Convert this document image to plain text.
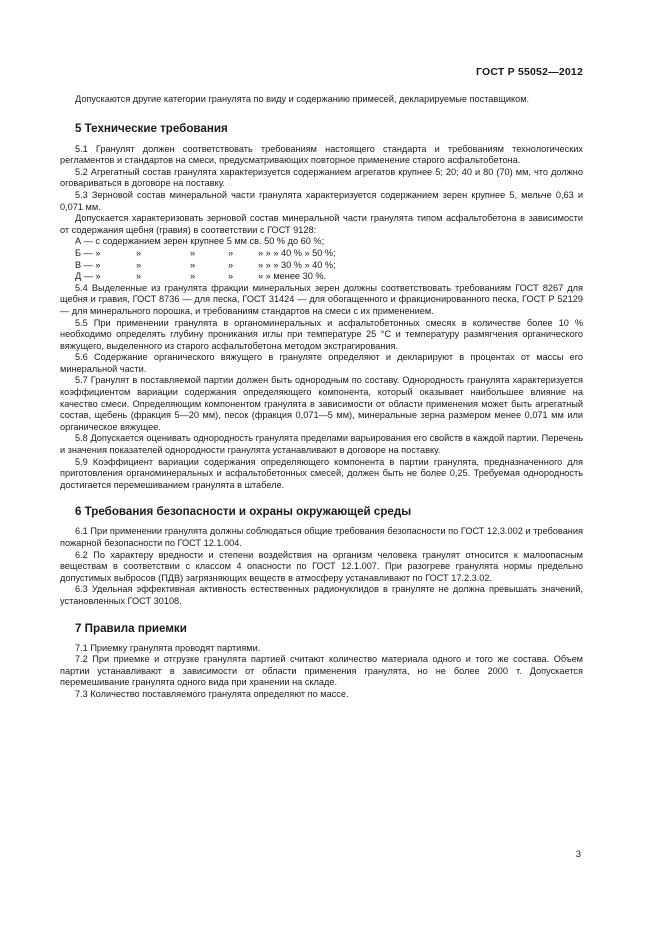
ГОСТ Р 55052—2012

Допускаются другие категории гранулята по виду и содержанию примесей, декларируемые поставщиком.

5 Технические требования

5.1 Гранулят должен соответствовать требованиям настоящего стандарта и требованиям технологических регламентов и стандартов на смеси, предусматривающих повторное применение старого асфальтобетона.

5.2 Агрегатный состав гранулята характеризуется содержанием агрегатов крупнее 5; 20; 40 и 80 (70) мм, что должно оговариваться в договоре на поставку.

5.3 Зерновой состав минеральной части гранулята характеризуется содержанием зерен крупнее 5, мельче 0,63 и 0,071 мм.

Допускается характеризовать зерновой состав минеральной части гранулята типом асфальтобетона в зависимости от содержания щебня (гравия) в соответствии с ГОСТ 9128:

А — с содержанием зерен крупнее 5 мм св. 50 % до 60 %;
Б — »	»	»	»	» » » 40 % » 50 %;
В — »	»	»	»	» » » 30 % » 40 %;
Д — »	»	»	»	» » менее 30 %.

5.4 Выделенные из гранулята фракции минеральных зерен должны соответствовать требованиям ГОСТ 8267 для щебня и гравия, ГОСТ 8736 — для песка, ГОСТ 31424 — для обогащенного и фракционированного песка, ГОСТ Р 52129 — для минерального порошка, и требованиям стандартов на смеси с их применением.

5.5 При применении гранулята в органоминеральных и асфальтобетонных смесях в количестве более 10 % необходимо определять глубину проникания иглы при температуре 25 °С и температуру размягчения органического вяжущего, выделенного из старого асфальтобетона методом экстрагирования.

5.6 Содержание органического вяжущего в грануляте определяют и декларируют в процентах от массы его минеральной части.

5.7 Гранулят в поставляемой партии должен быть однородным по составу. Однородность гранулята характеризуется коэффициентом вариации содержания определяющего компонента, который оказывает наибольшее влияние на качество смеси. Определяющим компонентом гранулята в зависимости от области применения может быть агрегатный состав, щебень (фракция 5—20 мм), песок (фракция 0,071—5 мм), минеральные зерна размером менее 0,071 мм или органическое вяжущее.

5.8 Допускается оценивать однородность гранулята пределами варьирования его свойств в каждой партии. Перечень и значения показателей однородности гранулята устанавливают в договоре на поставку.

5.9 Коэффициент вариации содержания определяющего компонента в партии гранулята, предназначенного для приготовления органоминеральных и асфальтобетонных смесей, должен быть не более 0,25. Требуемая однородность достигается перемешиванием гранулята в штабеле.

6 Требования безопасности и охраны окружающей среды

6.1 При применении гранулята должны соблюдаться общие требования безопасности по ГОСТ 12.3.002 и требования пожарной безопасности по ГОСТ 12.1.004.

6.2 По характеру вредности и степени воздействия на организм человека гранулят относится к малоопасным веществам в соответствии с классом 4 опасности по ГОСТ 12.1.007. При разогреве гранулята нормы предельно допустимых выбросов (ПДВ) загрязняющих веществ в атмосферу устанавливают по ГОСТ 17.2.3.02.

6.3 Удельная эффективная активность естественных радионуклидов в грануляте не должна превышать значений, установленных ГОСТ 30108.

7 Правила приемки

7.1 Приемку гранулята проводят партиями.

7.2 При приемке и отгрузке гранулята партией считают количество материала одного и того же состава. Объем партии устанавливают в зависимости от области применения гранулята, но не более 2000 т. Допускается перемешивание гранулята одного вида при хранении на складе.

7.3 Количество поставляемого гранулята определяют по массе.

3
